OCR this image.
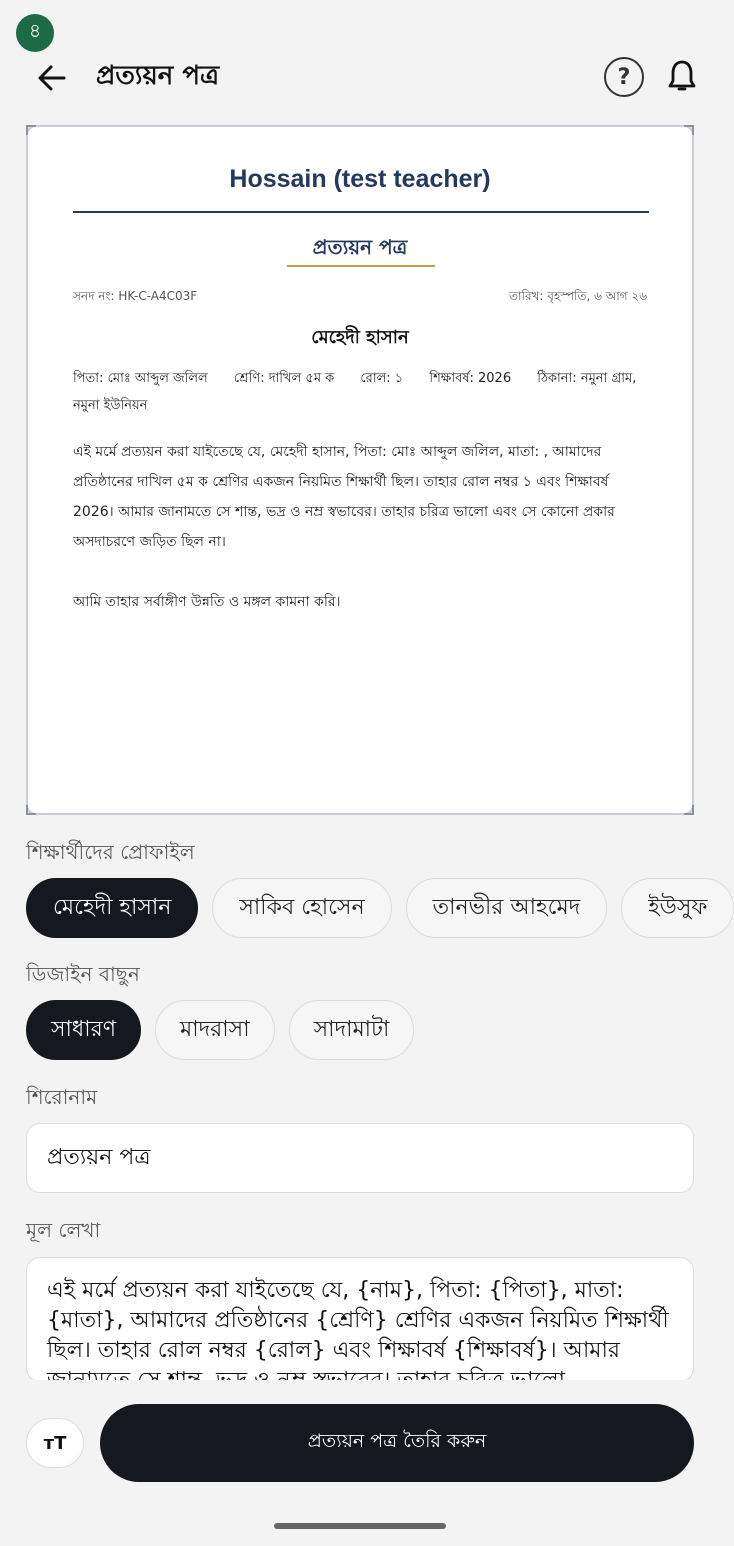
৪
প্রত্যয়ন পত্র	?
Hossain (test teacher)
প্রত্যয়ন পত্র
সনদ নং: HK-C-A4C03F	তারিখ: বৃহস্পতি, ৬ আগ ২৬
মেহেদী হাসান
পিতা: মোঃ আব্দুল জলিল শ্রেণি: দাখিল ৫ম ক রোল: ১ শিক্ষাবর্ষ: 2026 ঠিকানা: নমুনা গ্রাম, নমুনা ইউনিয়ন
এই মর্মে প্রত্যয়ন করা যাইতেছে যে, মেহেদী হাসান, পিতা: মোঃ আব্দুল জলিল, মাতা: , আমাদের প্রতিষ্ঠানের দাখিল ৫ম ক শ্রেণির একজন নিয়মিত শিক্ষার্থী ছিল। তাহার রোল নম্বর ১ এবং শিক্ষাবর্ষ 2026। আমার জানামতে সে শান্ত, ভদ্র ও নম্র স্বভাবের। তাহার চরিত্র ভালো এবং সে কোনো প্রকার অসদাচরণে জড়িত ছিল না।
আমি তাহার সর্বাঙ্গীণ উন্নতি ও মঙ্গল কামনা করি।
শিক্ষার্থীদের প্রোফাইল
মেহেদী হাসান	সাকিব হোসেন	তানভীর আহমেদ	ইউসুফ
ডিজাইন বাছুন
সাধারণ	মাদরাসা	সাদামাটা
শিরোনাম
প্রত্যয়ন পত্র
মূল লেখা
এই মর্মে প্রত্যয়ন করা যাইতেছে যে, {নাম}, পিতা: {পিতা}, মাতা: {মাতা}, আমাদের প্রতিষ্ঠানের {শ্রেণি} শ্রেণির একজন নিয়মিত শিক্ষার্থী ছিল। তাহার রোল নম্বর {রোল} এবং শিক্ষাবর্ষ {শিক্ষাবর্ষ}। আমার
тT	প্রত্যয়ন পত্র তৈরি করুন
